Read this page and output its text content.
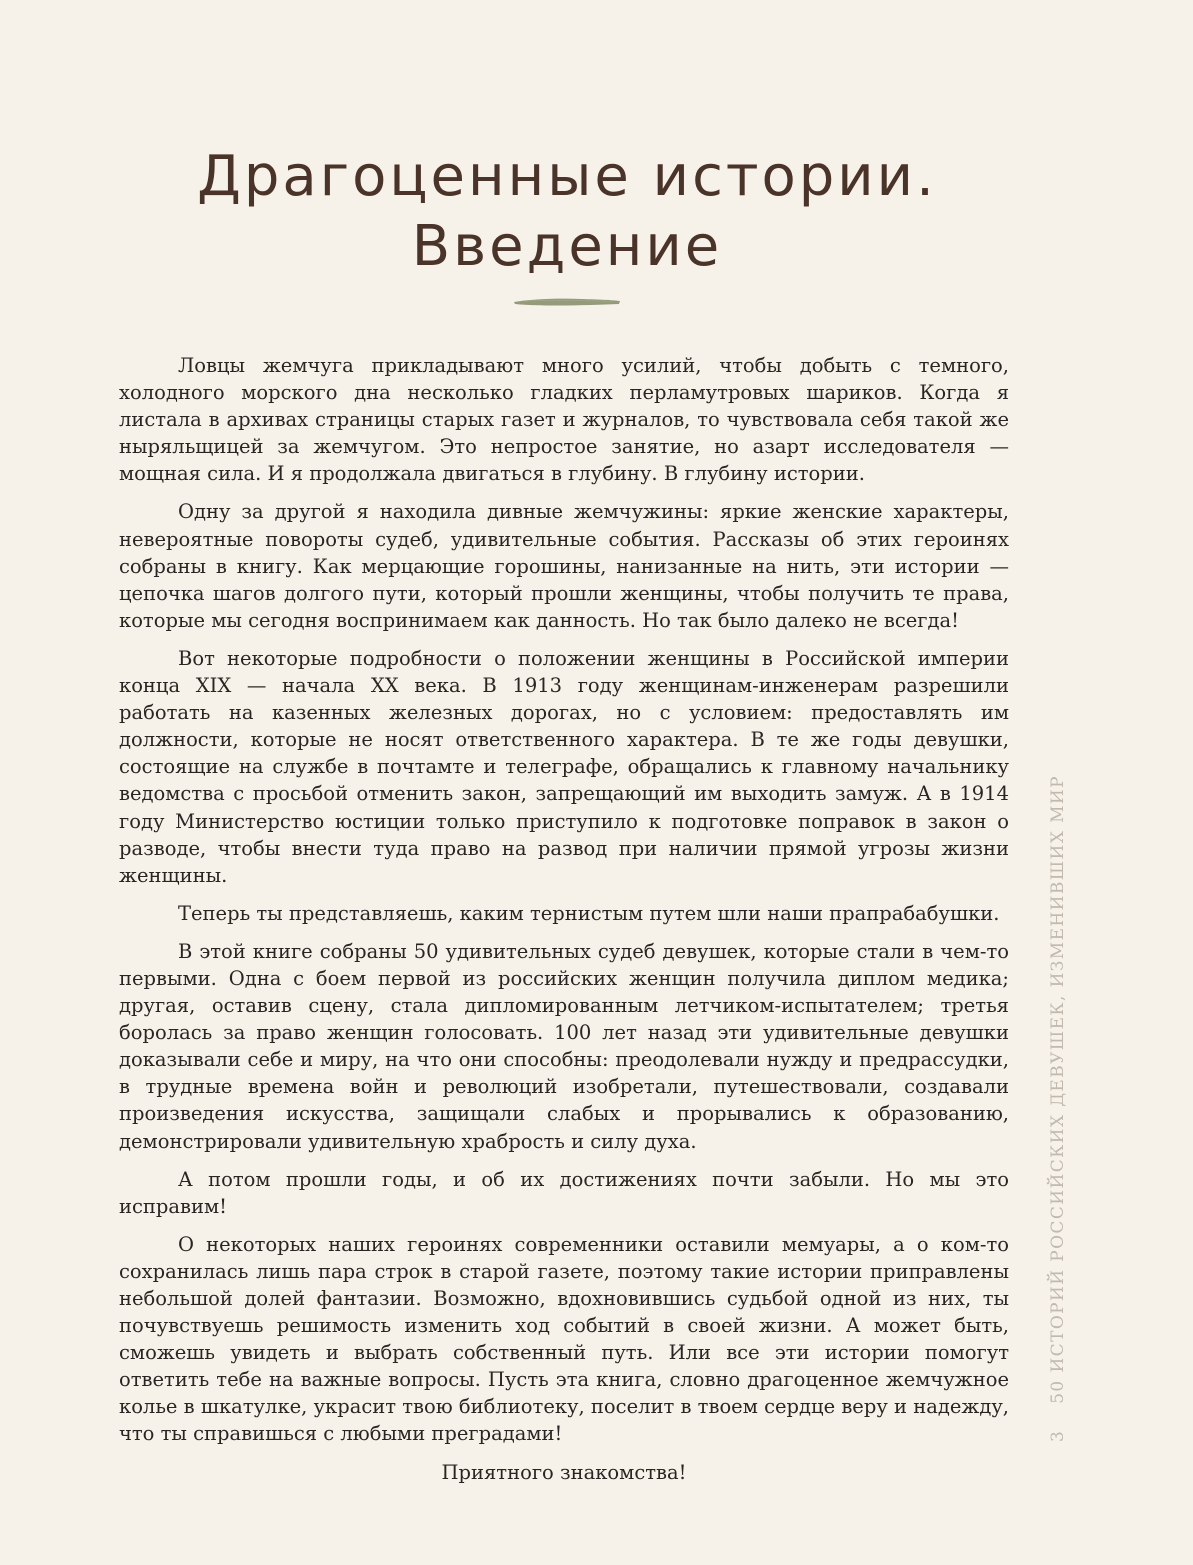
Драгоценные истории.
Введение

Ловцы жемчуга прикладывают много усилий, чтобы добыть с темного, холодного морского дна несколько гладких перламутровых шариков. Когда я листала в архивах страницы старых газет и журналов, то чувствовала себя такой же ныряльщицей за жемчугом. Это непростое занятие, но азарт исследователя — мощная сила. И я продолжала двигаться в глубину. В глубину истории.

Одну за другой я находила дивные жемчужины: яркие женские характеры, невероятные повороты судеб, удивительные события. Рассказы об этих героинях собраны в книгу. Как мерцающие горошины, нанизанные на нить, эти истории — цепочка шагов долгого пути, который прошли женщины, чтобы получить те права, которые мы сегодня воспринимаем как данность. Но так было далеко не всегда!

Вот некоторые подробности о положении женщины в Российской империи конца XIX — начала XX века. В 1913 году женщинам-инженерам разрешили работать на казенных железных дорогах, но с условием: предоставлять им должности, которые не носят ответственного характера. В те же годы девушки, состоящие на службе в почтамте и телеграфе, обращались к главному начальнику ведомства с просьбой отменить закон, запрещающий им выходить замуж. А в 1914 году Министерство юстиции только приступило к подготовке поправок в закон о разводе, чтобы внести туда право на развод при наличии прямой угрозы жизни женщины.

Теперь ты представляешь, каким тернистым путем шли наши прапрабабушки.

В этой книге собраны 50 удивительных судеб девушек, которые стали в чем-то первыми. Одна с боем первой из российских женщин получила диплом медика; другая, оставив сцену, стала дипломированным летчиком-испытателем; третья боролась за право женщин голосовать. 100 лет назад эти удивительные девушки доказывали себе и миру, на что они способны: преодолевали нужду и предрассудки, в трудные времена войн и революций изобретали, путешествовали, создавали произведения искусства, защищали слабых и прорывались к образованию, демонстрировали удивительную храбрость и силу духа.

А потом прошли годы, и об их достижениях почти забыли. Но мы это исправим!

О некоторых наших героинях современники оставили мемуары, а о ком-то сохранилась лишь пара строк в старой газете, поэтому такие истории приправлены небольшой долей фантазии. Возможно, вдохновившись судьбой одной из них, ты почувствуешь решимость изменить ход событий в своей жизни. А может быть, сможешь увидеть и выбрать собственный путь. Или все эти истории помогут ответить тебе на важные вопросы. Пусть эта книга, словно драгоценное жемчужное колье в шкатулке, украсит твою библиотеку, поселит в твоем сердце веру и надежду, что ты справишься с любыми преградами!

Приятного знакомства!

350 ИСТОРИЙ РОССИЙСКИХ ДЕВУШЕК, ИЗМЕНИВШИХ МИР
